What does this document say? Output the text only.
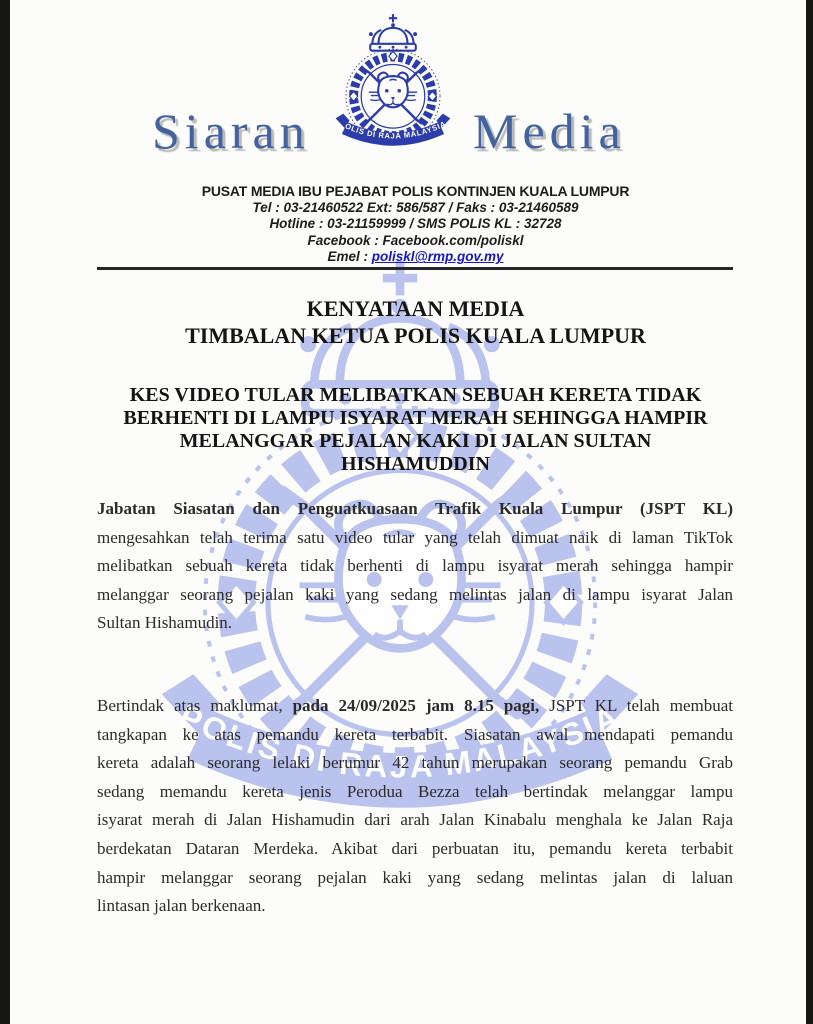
Siaran	Media
PUSAT MEDIA IBU PEJABAT POLIS KONTINJEN KUALA LUMPUR
Tel : 03-21460522 Ext: 586/587 / Faks : 03-21460589
Hotline : 03-21159999 / SMS POLIS KL : 32728
Facebook : Facebook.com/poliskl
Emel : poliskl@rmp.gov.my
KENYATAAN MEDIA
TIMBALAN KETUA POLIS KUALA LUMPUR
KES VIDEO TULAR MELIBATKAN SEBUAH KERETA TIDAK
BERHENTI DI LAMPU ISYARAT MERAH SEHINGGA HAMPIR
MELANGGAR PEJALAN KAKI DI JALAN SULTAN
HISHAMUDDIN
Jabatan Siasatan dan Penguatkuasaan Trafik Kuala Lumpur (JSPT KL)
mengesahkan telah terima satu video tular yang telah dimuat naik di laman TikTok
melibatkan sebuah kereta tidak berhenti di lampu isyarat merah sehingga hampir
melanggar seorang pejalan kaki yang sedang melintas jalan di lampu isyarat Jalan
Sultan Hishamudin.
Bertindak atas maklumat, pada 24/09/2025 jam 8.15 pagi, JSPT KL telah membuat
tangkapan ke atas pemandu kereta terbabit. Siasatan awal mendapati pemandu
kereta adalah seorang lelaki berumur 42 tahun merupakan seorang pemandu Grab
sedang memandu kereta jenis Perodua Bezza telah bertindak melanggar lampu
isyarat merah di Jalan Hishamudin dari arah Jalan Kinabalu menghala ke Jalan Raja
berdekatan Dataran Merdeka. Akibat dari perbuatan itu, pemandu kereta terbabit
hampir melanggar seorang pejalan kaki yang sedang melintas jalan di laluan
lintasan jalan berkenaan.
